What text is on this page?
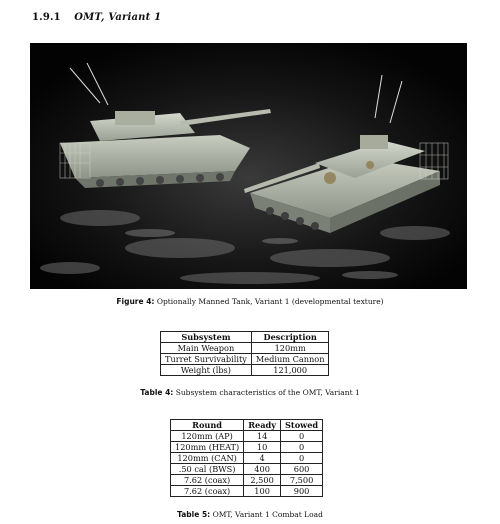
1.9.1 OMT, Variant 1
Figure 4: Optionally Manned Tank, Variant 1 (developmental texture)
Subsystem	Description
Main Weapon	120mm
Turret Survivability	Medium Cannon
Weight (lbs)	121,000
Table 4: Subsystem characteristics of the OMT, Variant 1
Round	Ready	Stowed
120mm (AP)	14	0
120mm (HEAT)	10	0
120mm (CAN)	4	0
.50 cal (BWS)	400	600
7.62 (coax)	2,500	7,500
7.62 (coax)	100	900
Table 5: OMT, Variant 1 Combat Load
